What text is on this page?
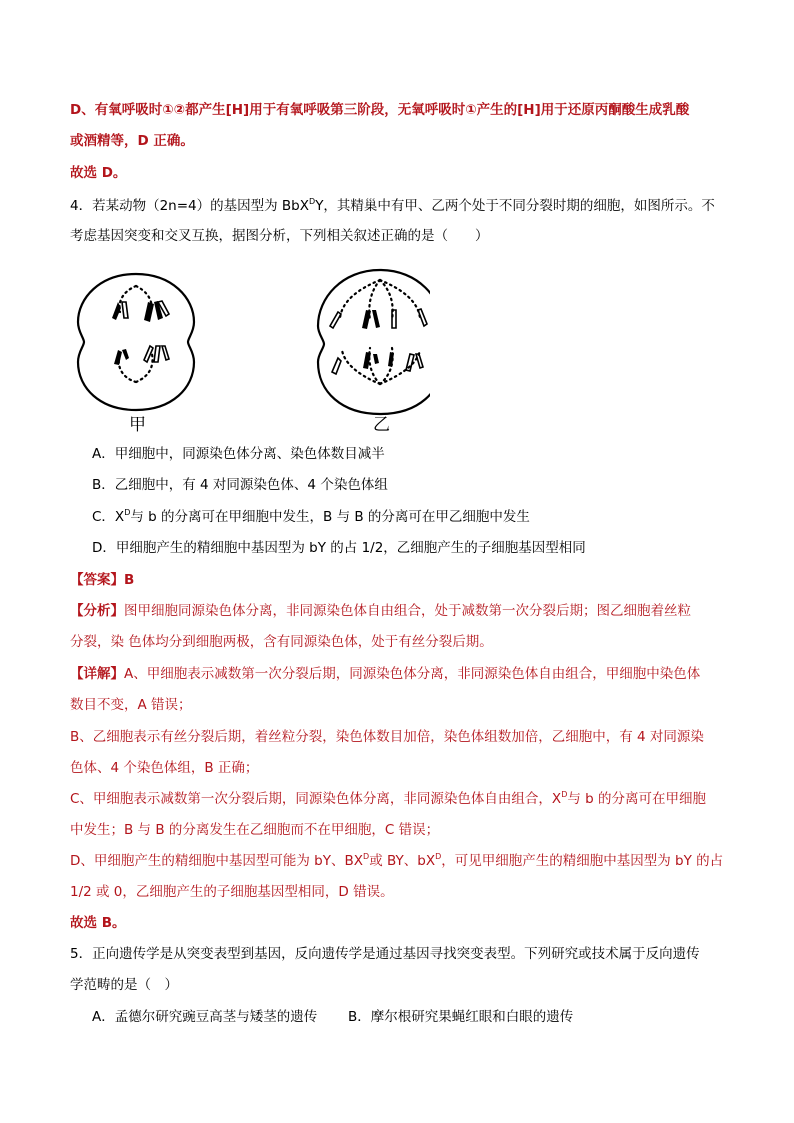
D、有氧呼吸时①②都产生[H]用于有氧呼吸第三阶段，无氧呼吸时①产生的[H]用于还原丙酮酸生成乳酸
或酒精等，D 正确。
故选 D。
4．若某动物（2n=4）的基因型为 BbX$^D$Y，其精巢中有甲、乙两个处于不同分裂时期的细胞，如图所示。不
考虑基因突变和交叉互换，据图分析，下列相关叙述正确的是（　　）
甲	乙
A．甲细胞中，同源染色体分离、染色体数目减半
B．乙细胞中，有 4 对同源染色体、4 个染色体组
C．$X^D$与 b 的分离可在甲细胞中发生，B 与 B 的分离可在甲乙细胞中发生
D．甲细胞产生的精细胞中基因型为 bY 的占 1/2，乙细胞产生的子细胞基因型相同
【答案】B
【分析】图甲细胞同源染色体分离，非同源染色体自由组合，处于减数第一次分裂后期；图乙细胞着丝粒
分裂，染 色体均分到细胞两极，含有同源染色体，处于有丝分裂后期。
【详解】A、甲细胞表示减数第一次分裂后期，同源染色体分离，非同源染色体自由组合，甲细胞中染色体
数目不变，A 错误；
B、乙细胞表示有丝分裂后期，着丝粒分裂，染色体数目加倍，染色体组数加倍，乙细胞中，有 4 对同源染
色体、4 个染色体组，B 正确；
C、甲细胞表示减数第一次分裂后期，同源染色体分离，非同源染色体自由组合，$X^D$与 b 的分离可在甲细胞
中发生；B 与 B 的分离发生在乙细胞而不在甲细胞，C 错误；
D、甲细胞产生的精细胞中基因型可能为 bY、$BX^D$或 BY、$bX^D$，可见甲细胞产生的精细胞中基因型为 bY 的占
1/2 或 0，乙细胞产生的子细胞基因型相同，D 错误。
故选 B。
5．正向遗传学是从突变表型到基因，反向遗传学是通过基因寻找突变表型。下列研究或技术属于反向遗传
学范畴的是（　）
A．孟德尔研究豌豆高茎与矮茎的遗传 B．摩尔根研究果蝇红眼和白眼的遗传
